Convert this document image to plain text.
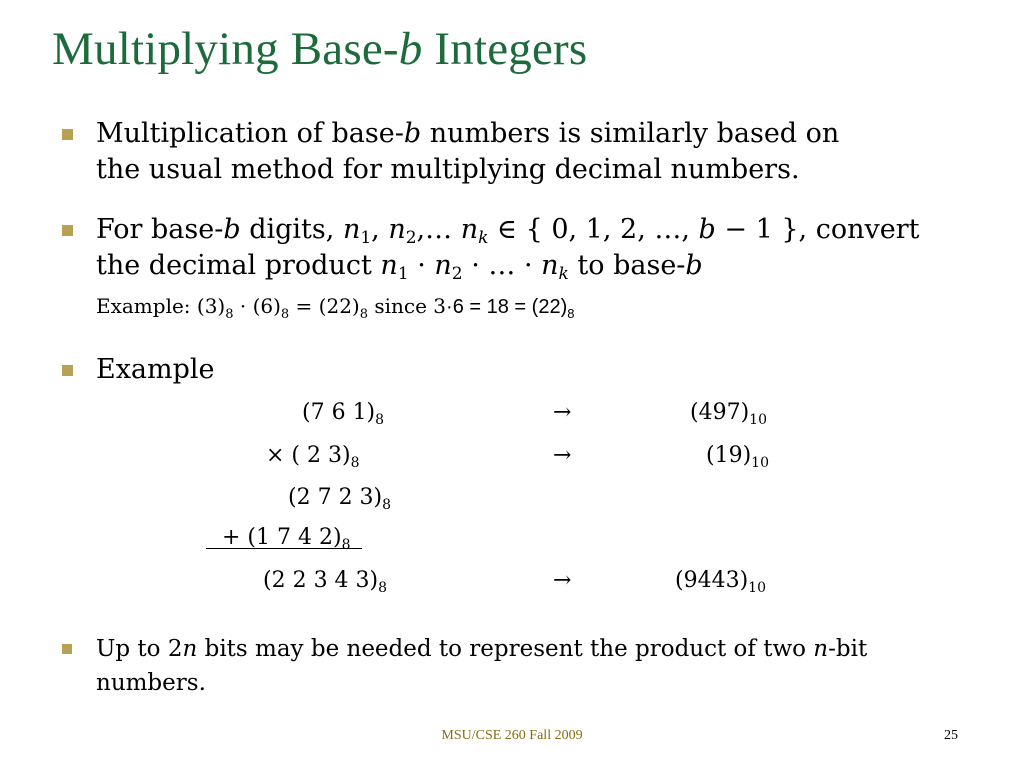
Multiplying Base-b Integers
Multiplication of base-b numbers is similarly based on
the usual method for multiplying decimal numbers.
For base-b digits, $n_1$, $n_2,\dots$ $n_k$ ∈ { 0, 1, 2, …, b − 1 }, convert
the decimal product $n_1 \cdot n_2$ · … · $n_k$ to base-b
Example: $(3)_8 \cdot (6)_8 = (22)_8$ since $3\cdot 6 = 18 = (22)_8$
Example
(7 6 $1)_8$	→	$(497)_{10}$
× ( 2 $3)_8$	→	$(19)_{10}$
(2 7 2 $3)_8$
+ (1 7 4 $2)_8$
(2 2 3 4 $3)_8$	→	$(9443)_{10}$
Up to 2n bits may be needed to represent the product of two n-bit
numbers.
MSU/CSE 260 Fall 2009	25
